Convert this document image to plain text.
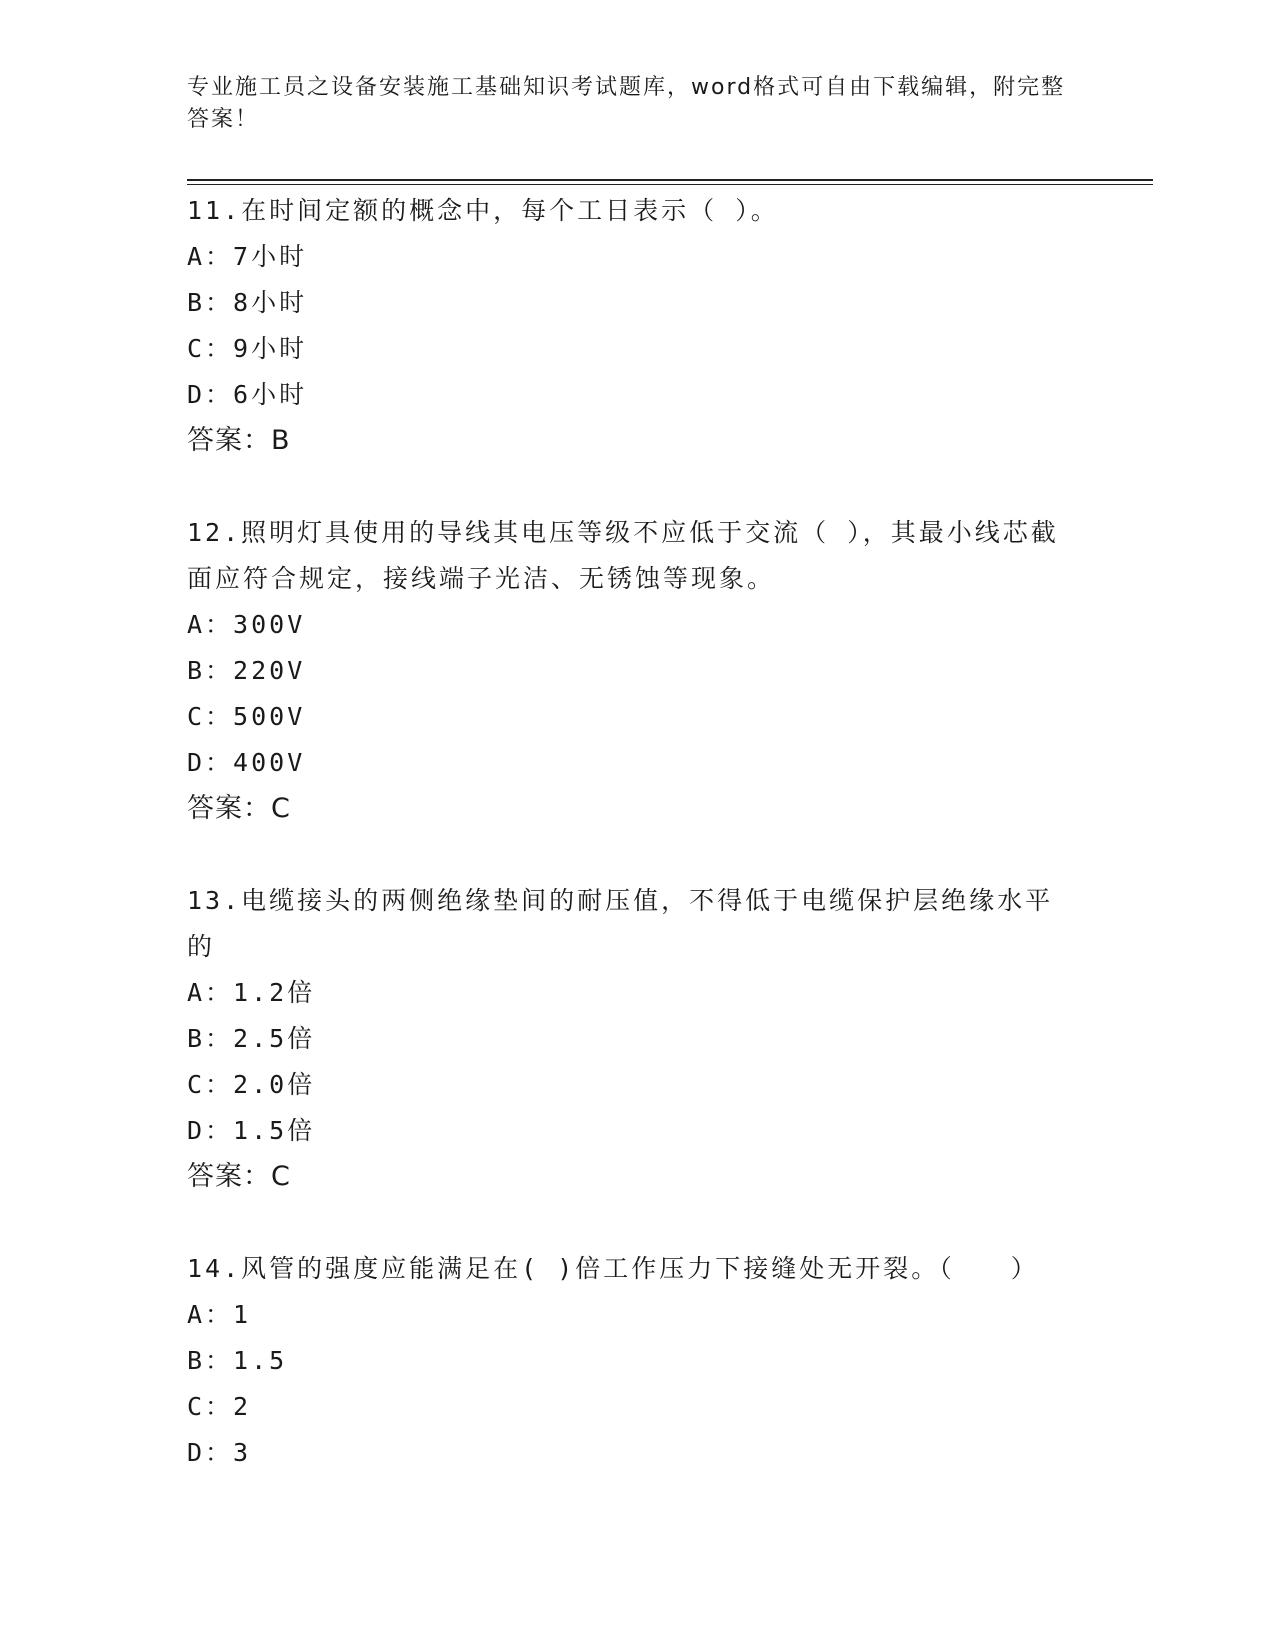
专业施工员之设备安装施工基础知识考试题库，word格式可自由下载编辑，附完整答案！
11.在时间定额的概念中，每个工日表示（ ）。
A：7小时
B：8小时
C：9小时
D：6小时
答案：B
12.照明灯具使用的导线其电压等级不应低于交流（ ），其最小线芯截面应符合规定，接线端子光洁、无锈蚀等现象。
A：300V
B：220V
C：500V
D：400V
答案：C
13.电缆接头的两侧绝缘垫间的耐压值，不得低于电缆保护层绝缘水平的
A：1.2倍
B：2.5倍
C：2.0倍
D：1.5倍
答案：C
14.风管的强度应能满足在( )倍工作压力下接缝处无开裂。（　　）
A：1
B：1.5
C：2
D：3
